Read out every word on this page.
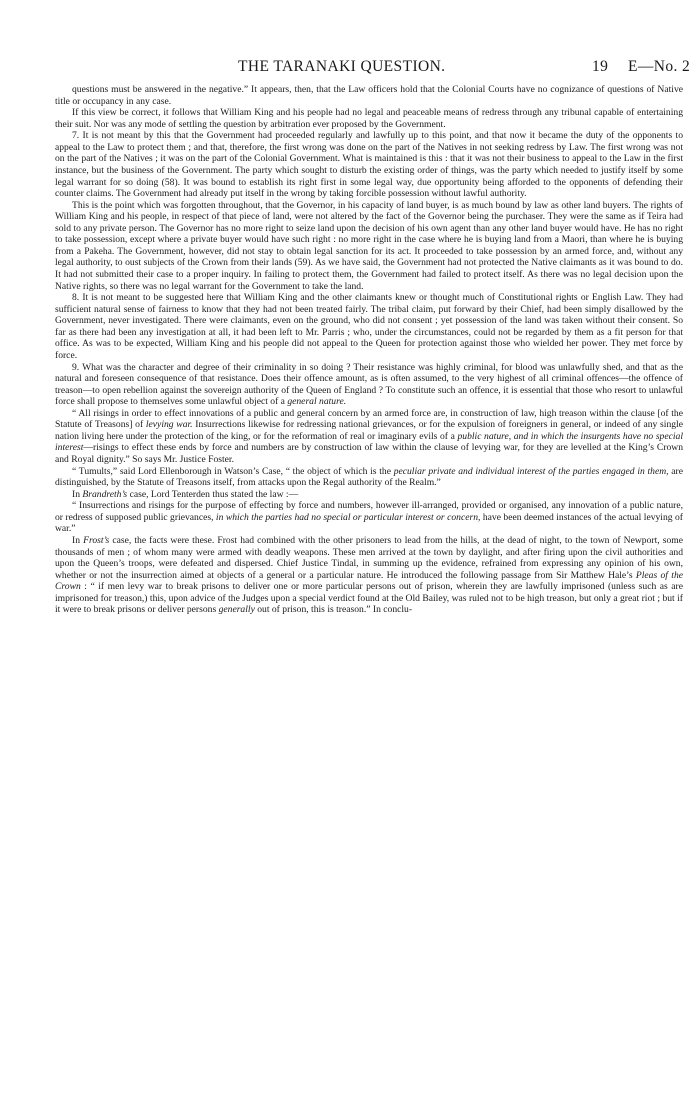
THE TARANAKI QUESTION.	19 E—No. 2

questions must be answered in the negative.” It appears, then, that the Law officers hold that the Colonial Courts have no cognizance of questions of Native title or occupancy in any case.

If this view be correct, it follows that William King and his people had no legal and peaceable means of redress through any tribunal capable of entertaining their suit. Nor was any mode of settling the question by arbitration ever proposed by the Government.

7. It is not meant by this that the Government had proceeded regularly and lawfully up to this point, and that now it became the duty of the opponents to appeal to the Law to protect them ; and that, therefore, the first wrong was done on the part of the Natives in not seeking redress by Law. The first wrong was not on the part of the Natives ; it was on the part of the Colonial Government. What is maintained is this : that it was not their business to appeal to the Law in the first instance, but the business of the Government. The party which sought to disturb the existing order of things, was the party which needed to justify itself by some legal warrant for so doing (58). It was bound to establish its right first in some legal way, due opportunity being afforded to the opponents of defending their counter claims. The Government had already put itself in the wrong by taking forcible possession without lawful authority.

This is the point which was forgotten throughout, that the Governor, in his capacity of land buyer, is as much bound by law as other land buyers. The rights of William King and his people, in respect of that piece of land, were not altered by the fact of the Governor being the purchaser. They were the same as if Teira had sold to any private person. The Governor has no more right to seize land upon the decision of his own agent than any other land buyer would have. He has no right to take possession, except where a private buyer would have such right : no more right in the case where he is buying land from a Maori, than where he is buying from a Pakeha. The Government, however, did not stay to obtain legal sanction for its act. It proceeded to take possession by an armed force, and, without any legal authority, to oust subjects of the Crown from their lands (59). As we have said, the Government had not protected the Native claimants as it was bound to do. It had not submitted their case to a proper inquiry. In failing to protect them, the Government had failed to protect itself. As there was no legal decision upon the Native rights, so there was no legal warrant for the Government to take the land.

8. It is not meant to be suggested here that William King and the other claimants knew or thought much of Constitutional rights or English Law. They had sufficient natural sense of fairness to know that they had not been treated fairly. The tribal claim, put forward by their Chief, had been simply disallowed by the Government, never investigated. There were claimants, even on the ground, who did not consent ; yet possession of the land was taken without their consent. So far as there had been any investigation at all, it had been left to Mr. Parris ; who, under the circumstances, could not be regarded by them as a fit person for that office. As was to be expected, William King and his people did not appeal to the Queen for protection against those who wielded her power. They met force by force.

9. What was the character and degree of their criminality in so doing ? Their resistance was highly criminal, for blood was unlawfully shed, and that as the natural and foreseen consequence of that resistance. Does their offence amount, as is often assumed, to the very highest of all criminal offences—the offence of treason—to open rebellion against the sovereign authority of the Queen of England ? To constitute such an offence, it is essential that those who resort to unlawful force shall propose to themselves some unlawful object of a general nature.

“ All risings in order to effect innovations of a public and general concern by an armed force are, in construction of law, high treason within the clause [of the Statute of Treasons] of levying war. Insurrections likewise for redressing national grievances, or for the expulsion of foreigners in general, or indeed of any single nation living here under the protection of the king, or for the reformation of real or imaginary evils of a public nature, and in which the insurgents have no special interest—risings to effect these ends by force and numbers are by construction of law within the clause of levying war, for they are levelled at the King’s Crown and Royal dignity.” So says Mr. Justice Foster.

“ Tumults,” said Lord Ellenborough in Watson’s Case, “ the object of which is the peculiar private and individual interest of the parties engaged in them, are distinguished, by the Statute of Treasons itself, from attacks upon the Regal authority of the Realm.”

In Brandreth’s case, Lord Tenterden thus stated the law :—

“ Insurrections and risings for the purpose of effecting by force and numbers, however ill-arranged, provided or organised, any innovation of a public nature, or redress of supposed public grievances, in which the parties had no special or particular interest or concern, have been deemed instances of the actual levying of war.”

In Frost’s case, the facts were these. Frost had combined with the other prisoners to lead from the hills, at the dead of night, to the town of Newport, some thousands of men ; of whom many were armed with deadly weapons. These men arrived at the town by daylight, and after firing upon the civil authorities and upon the Queen’s troops, were defeated and dispersed. Chief Justice Tindal, in summing up the evidence, refrained from expressing any opinion of his own, whether or not the insurrection aimed at objects of a general or a particular nature. He introduced the following passage from Sir Matthew Hale’s Pleas of the Crown : “ if men levy war to break prisons to deliver one or more particular persons out of prison, wherein they are lawfully imprisoned (unless such as are imprisoned for treason,) this, upon advice of the Judges upon a special verdict found at the Old Bailey, was ruled not to be high treason, but only a great riot ; but if it were to break prisons or deliver persons generally out of prison, this is treason.” In conclu-
